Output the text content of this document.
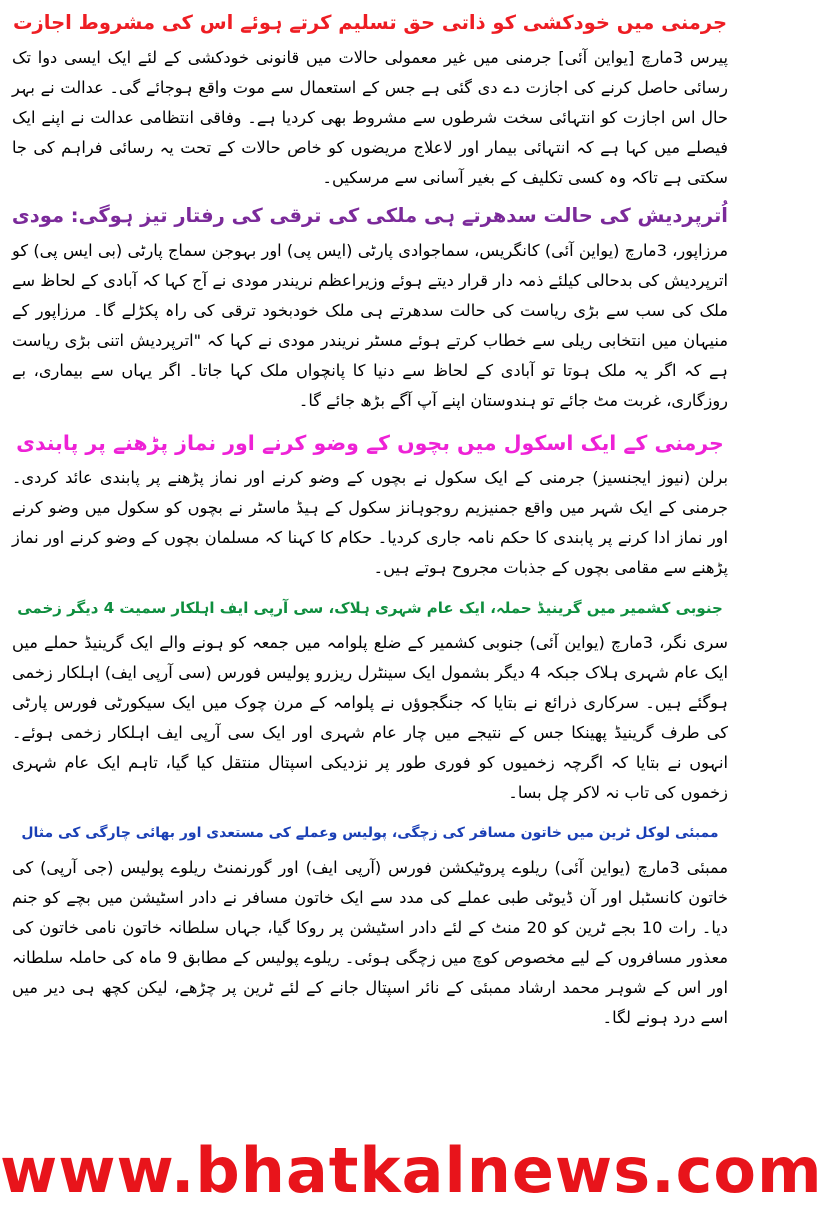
جرمنی میں خودکشی کو ذاتی حق تسلیم کرتے ہوئے اس کی مشروط اجازت

پیرس 3مارچ [یواین آئی] جرمنی میں غیر معمولی حالات میں قانونی خودکشی کے لئے ایک ایسی دوا تک رسائی حاصل کرنے کی اجازت دے دی گئی ہے جس کے استعمال سے موت واقع ہوجائے گی۔ عدالت نے بہر حال اس اجازت کو انتہائی سخت شرطوں سے مشروط بھی کردیا ہے۔ وفاقی انتظامی عدالت نے اپنے ایک فیصلے میں کہا ہے کہ انتہائی بیمار اور لاعلاج مریضوں کو خاص حالات کے تحت یہ رسائی فراہم کی جا سکتی ہے تاکہ وہ کسی تکلیف کے بغیر آسانی سے مرسکیں۔

اُترپردیش کی حالت سدھرتے ہی ملکی کی ترقی کی رفتار تیز ہوگی: مودی

مرزاپور، 3مارچ (یواین آئی) کانگریس، سماجوادی پارٹی (ایس پی) اور بہوجن سماج پارٹی (بی ایس پی) کو اترپردیش کی بدحالی کیلئے ذمہ دار قرار دیتے ہوئے وزیراعظم نریندر مودی نے آج کہا کہ آبادی کے لحاظ سے ملک کی سب سے بڑی ریاست کی حالت سدھرتے ہی ملک خودبخود ترقی کی راہ پکڑلے گا۔ مرزاپور کے منیہان میں انتخابی ریلی سے خطاب کرتے ہوئے مسٹر نریندر مودی نے کہا کہ "اترپردیش اتنی بڑی ریاست ہے کہ اگر یہ ملک ہوتا تو آبادی کے لحاظ سے دنیا کا پانچواں ملک کہا جاتا۔ اگر یہاں سے بیماری، بے روزگاری، غربت مٹ جائے تو ہندوستان اپنے آپ آگے بڑھ جائے گا۔

جرمنی کے ایک اسکول میں بچوں کے وضو کرنے اور نماز پڑھنے پر پابندی

برلن (نیوز ایجنسیز) جرمنی کے ایک سکول نے بچوں کے وضو کرنے اور نماز پڑھنے پر پابندی عائد کردی۔ جرمنی کے ایک شہر میں واقع جمنیزیم روجوہانز سکول کے ہیڈ ماسٹر نے بچوں کو سکول میں وضو کرنے اور نماز ادا کرنے پر پابندی کا حکم نامہ جاری کردیا۔ حکام کا کہنا کہ مسلمان بچوں کے وضو کرنے اور نماز پڑھنے سے مقامی بچوں کے جذبات مجروح ہوتے ہیں۔

جنوبی کشمیر میں گرینیڈ حملہ، ایک عام شہری ہلاک، سی آرپی ایف اہلکار سمیت 4 دیگر زخمی

سری نگر، 3مارچ (یواین آئی) جنوبی کشمیر کے ضلع پلوامہ میں جمعہ کو ہونے والے ایک گرینیڈ حملے میں ایک عام شہری ہلاک جبکہ 4 دیگر بشمول ایک سینٹرل ریزرو پولیس فورس (سی آرپی ایف) اہلکار زخمی ہوگئے ہیں۔ سرکاری ذرائع نے بتایا کہ جنگجوؤں نے پلوامہ کے مرن چوک میں ایک سیکورٹی فورس پارٹی کی طرف گرینیڈ پھینکا جس کے نتیجے میں چار عام شہری اور ایک سی آرپی ایف اہلکار زخمی ہوئے۔ انہوں نے بتایا کہ اگرچہ زخمیوں کو فوری طور پر نزدیکی اسپتال منتقل کیا گیا، تاہم ایک عام شہری زخموں کی تاب نہ لاکر چل بسا۔

ممبئی لوکل ٹرین میں خاتون مسافر کی زچگی، پولیس وعملے کی مستعدی اور بھائی چارگی کی مثال

ممبئی 3مارچ (یواین آئی) ریلوے پروٹیکشن فورس (آرپی ایف) اور گورنمنٹ ریلوے پولیس (جی آرپی) کی خاتون کانسٹبل اور آن ڈیوٹی طبی عملے کی مدد سے ایک خاتون مسافر نے دادر اسٹیشن میں بچے کو جنم دیا۔ رات 10 بجے ٹرین کو 20 منٹ کے لئے دادر اسٹیشن پر روکا گیا، جہاں سلطانہ خاتون نامی خاتون کی معذور مسافروں کے لیے مخصوص کوچ میں زچگی ہوئی۔ ریلوے پولیس کے مطابق 9 ماہ کی حاملہ سلطانہ اور اس کے شوہر محمد ارشاد ممبئی کے نائر اسپتال جانے کے لئے ٹرین پر چڑھے، لیکن کچھ ہی دیر میں اسے درد ہونے لگا۔

www.bhatkalnews.com
